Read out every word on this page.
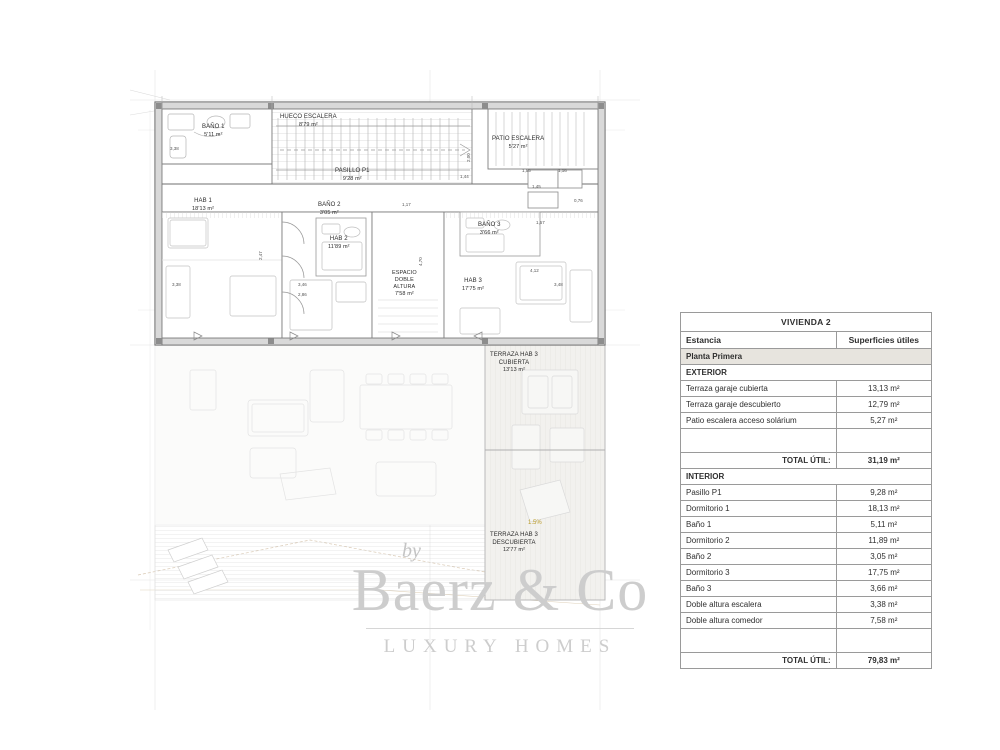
BAÑO 1
5'11 m²
HUECO ESCALERA
8'79 m²
PATIO ESCALERA
5'27 m²
PASILLO P1
9'28 m²
HAB 1
18'13 m²
BAÑO 2
3'05 m²
HAB 2
11'89 m²
BAÑO 3
3'66 m²
ESPACIO
DOBLE
ALTURA
7'58 m²
HAB 3
17'75 m²
TERRAZA HAB 3
CUBIERTA
13'13 m²
TERRAZA HAB 3
DESCUBIERTA
12'77 m²
3,38
2,00
1,44
1,17
1,55	1,16
1,45
0,76
1,57
4,12
3,48
2,47
3,46
2,86
3,38
4,70
1.5%
by
Baerz & Co
LUXURY HOMES
VIVIENDA 2	
Estancia	Superficies útiles
Planta Primera	
EXTERIOR	
Terraza garaje cubierta	13,13 m²
Terraza garaje descubierto	12,79 m²
Patio escalera acceso solárium	5,27 m²

TOTAL ÚTIL:	31,19 m²
INTERIOR	
Pasillo P1	9,28 m²
Dormitorio 1	18,13 m²
Baño 1	5,11 m²
Dormitorio 2	11,89 m²
Baño 2	3,05 m²
Dormitorio 3	17,75 m²
Baño 3	3,66 m²
Doble altura escalera	3,38 m²
Doble altura comedor	7,58 m²

TOTAL ÚTIL:	79,83 m²
